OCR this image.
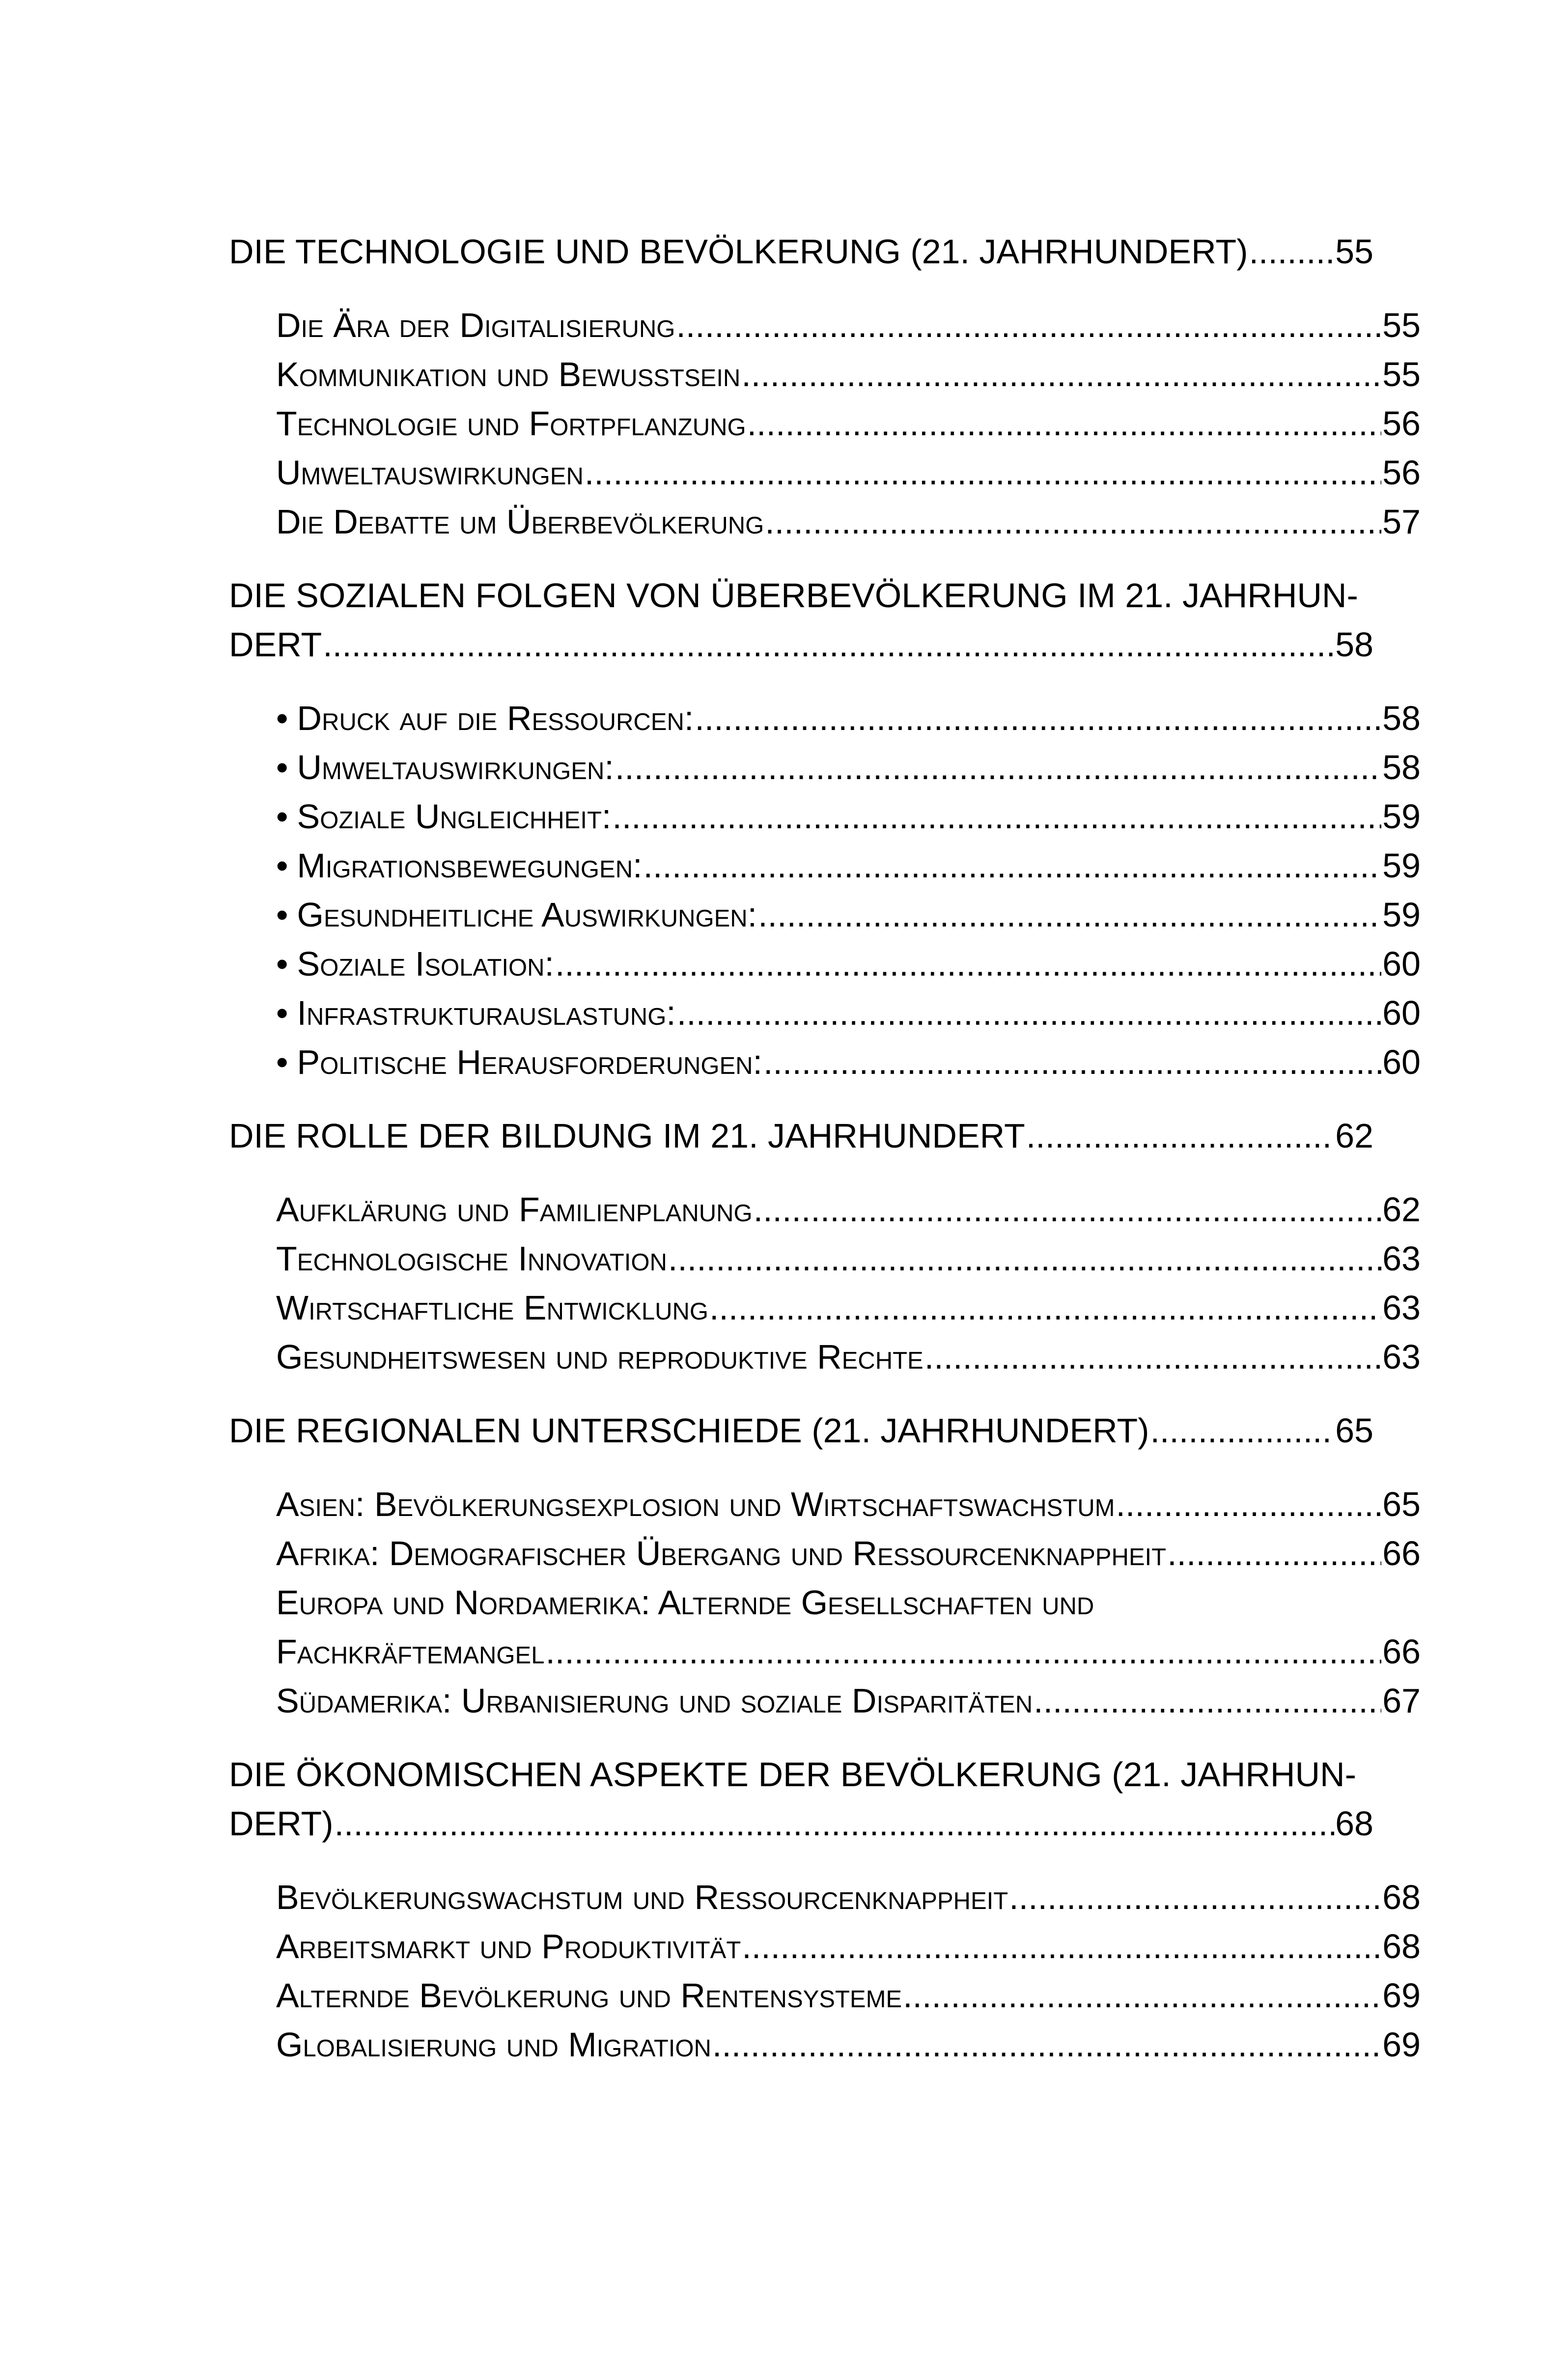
DIE TECHNOLOGIE UND BEVÖLKERUNG (21. JAHRHUNDERT) .....	55
Die Ära der Digitalisierung .....	55
Kommunikation und Bewusstsein .....	55
Technologie und Fortpflanzung .....	56
Umweltauswirkungen .....	56
Die Debatte um Überbevölkerung .....	57
DIE SOZIALEN FOLGEN VON ÜBERBEVÖLKERUNG IM 21. JAHRHUN-
DERT .....	58
• Druck auf die Ressourcen: .....	58
• Umweltauswirkungen: .....	58
• Soziale Ungleichheit: .....	59
• Migrationsbewegungen: .....	59
• Gesundheitliche Auswirkungen: .....	59
• Soziale Isolation: .....	60
• Infrastrukturauslastung: .....	60
• Politische Herausforderungen: .....	60
DIE ROLLE DER BILDUNG IM 21. JAHRHUNDERT .....	62
Aufklärung und Familienplanung .....	62
Technologische Innovation .....	63
Wirtschaftliche Entwicklung .....	63
Gesundheitswesen und reproduktive Rechte .....	63
DIE REGIONALEN UNTERSCHIEDE (21. JAHRHUNDERT) .....	65
Asien: Bevölkerungsexplosion und Wirtschaftswachstum .....	65
Afrika: Demografischer Übergang und Ressourcenknappheit .....	66
Europa und Nordamerika: Alternde Gesellschaften und
Fachkräftemangel .....	66
Südamerika: Urbanisierung und soziale Disparitäten .....	67
DIE ÖKONOMISCHEN ASPEKTE DER BEVÖLKERUNG (21. JAHRHUN-
DERT) .....	68
Bevölkerungswachstum und Ressourcenknappheit .....	68
Arbeitsmarkt und Produktivität .....	68
Alternde Bevölkerung und Rentensysteme .....	69
Globalisierung und Migration .....	69
